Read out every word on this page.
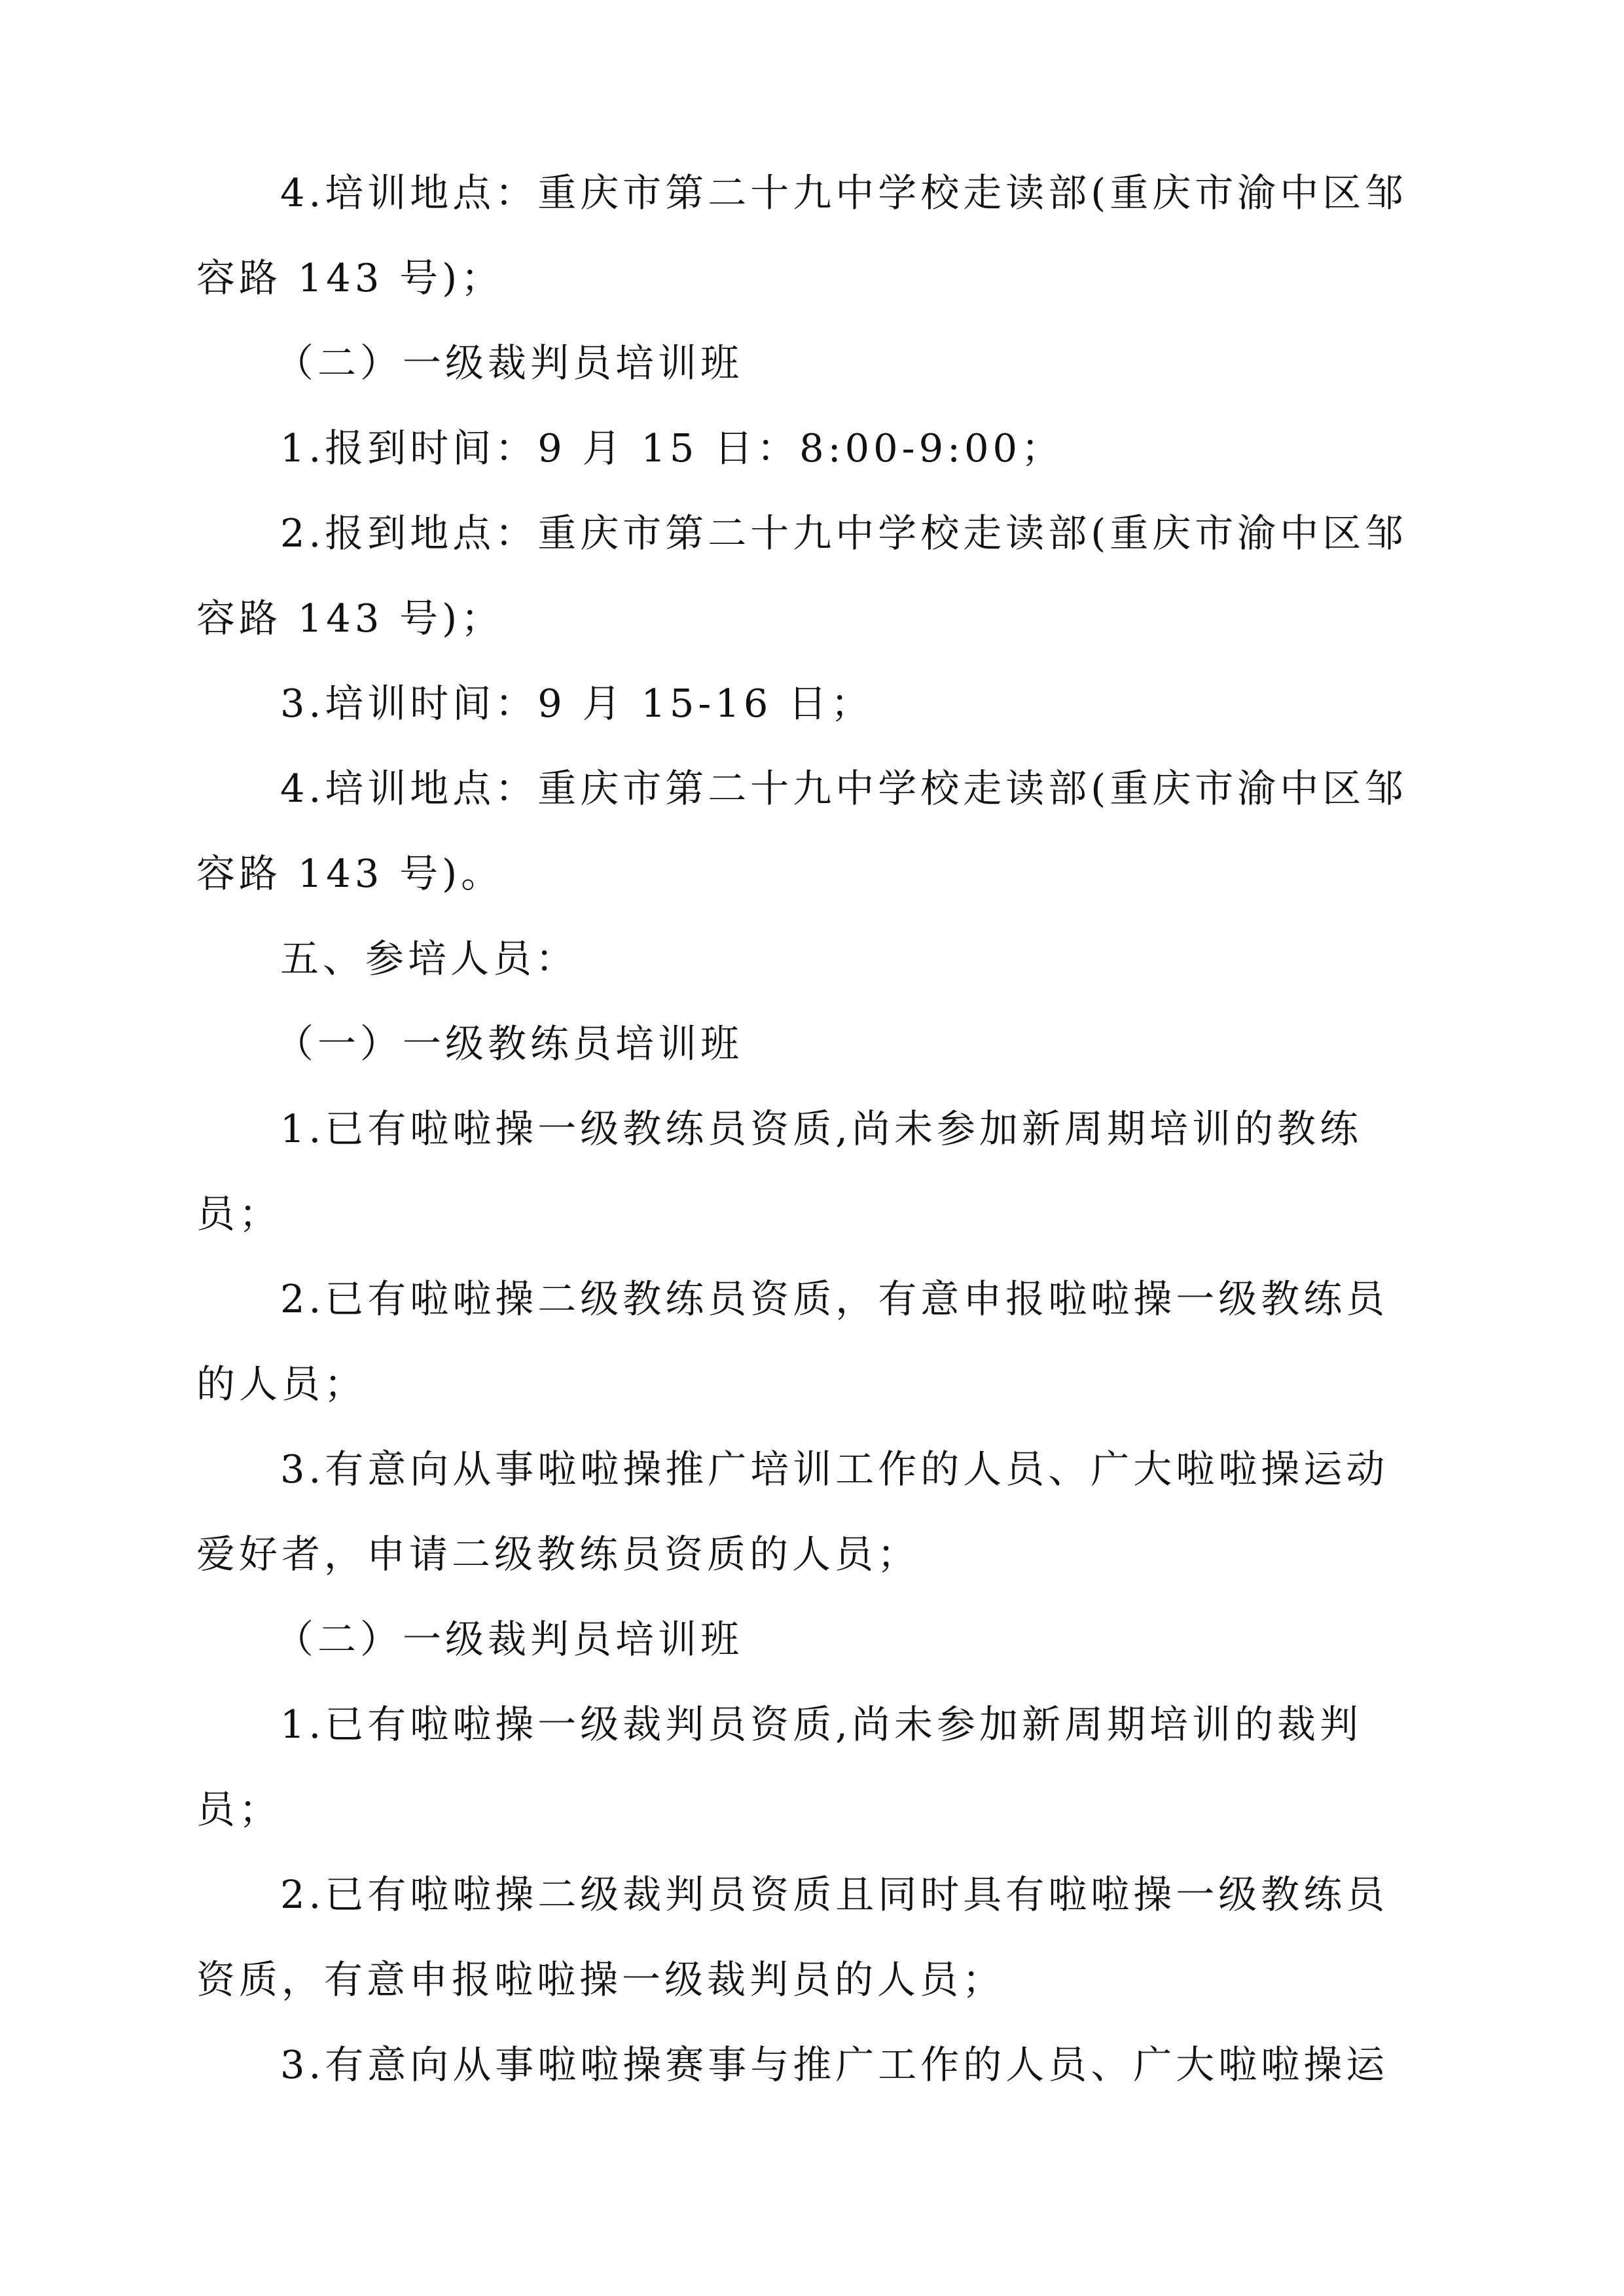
4.培训地点：重庆市第二十九中学校走读部(重庆市渝中区邹
容路 143 号)；
（二）一级裁判员培训班
1.报到时间：9 月 15 日：8:00-9:00；
2.报到地点：重庆市第二十九中学校走读部(重庆市渝中区邹
容路 143 号)；
3.培训时间：9 月 15-16 日；
4.培训地点：重庆市第二十九中学校走读部(重庆市渝中区邹
容路 143 号)。
五、参培人员：
（一）一级教练员培训班
1.已有啦啦操一级教练员资质,尚未参加新周期培训的教练
员；
2.已有啦啦操二级教练员资质，有意申报啦啦操一级教练员
的人员；
3.有意向从事啦啦操推广培训工作的人员、广大啦啦操运动
爱好者，申请二级教练员资质的人员；
（二）一级裁判员培训班
1.已有啦啦操一级裁判员资质,尚未参加新周期培训的裁判
员；
2.已有啦啦操二级裁判员资质且同时具有啦啦操一级教练员
资质，有意申报啦啦操一级裁判员的人员；
3.有意向从事啦啦操赛事与推广工作的人员、广大啦啦操运
